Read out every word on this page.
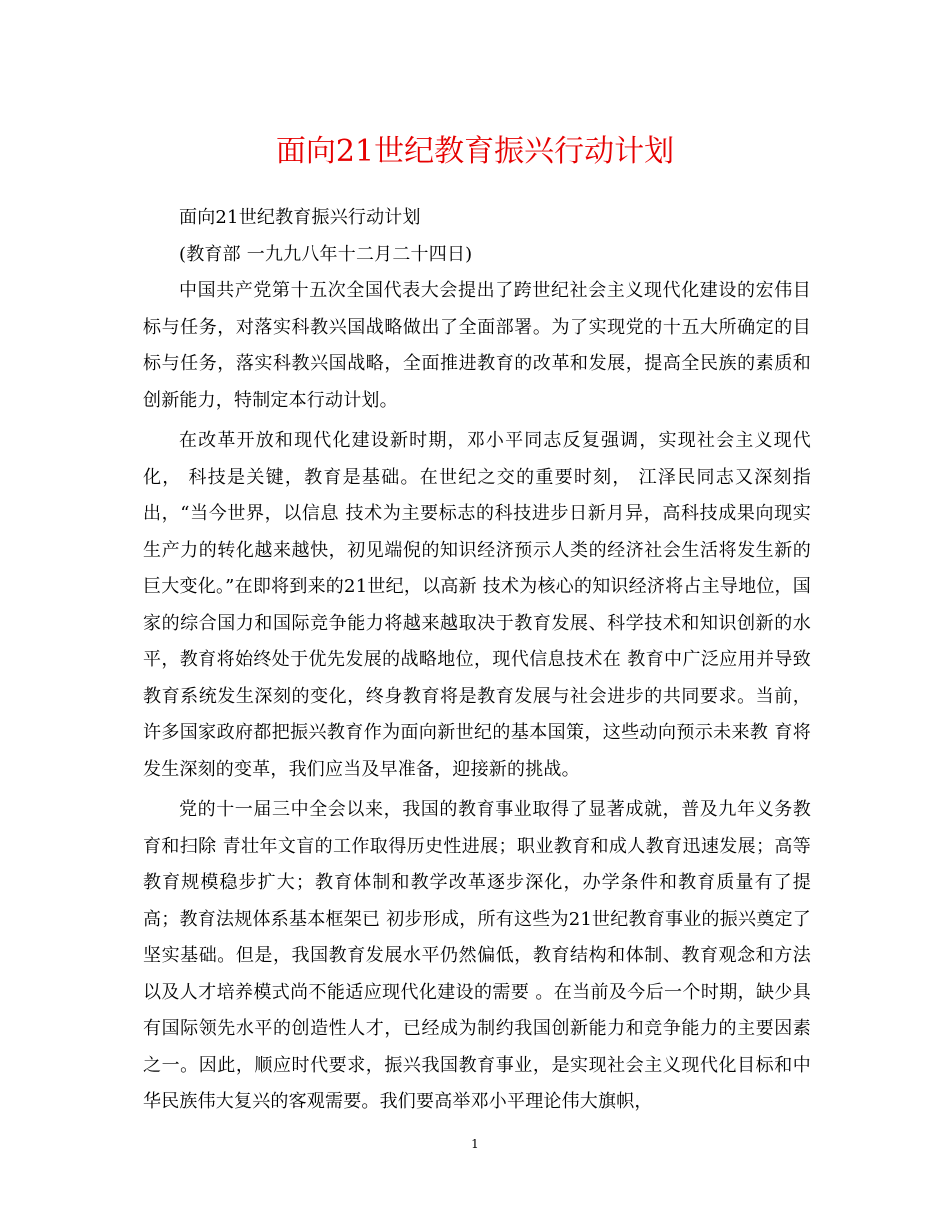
面向21世纪教育振兴行动计划

面向21世纪教育振兴行动计划

(教育部 一九九八年十二月二十四日)

中国共产党第十五次全国代表大会提出了跨世纪社会主义现代化建设的宏伟目标与任务，对落实科教兴国战略做出了全面部署。为了实现党的十五大所确定的目标与任务，落实科教兴国战略，全面推进教育的改革和发展，提高全民族的素质和创新能力，特制定本行动计划。

在改革开放和现代化建设新时期，邓小平同志反复强调，实现社会主义现代化， 科技是关键，教育是基础。在世纪之交的重要时刻， 江泽民同志又深刻指出，“当今世界，以信息 技术为主要标志的科技进步日新月异，高科技成果向现实生产力的转化越来越快，初见端倪的知识经济预示人类的经济社会生活将发生新的巨大变化。”在即将到来的21世纪，以高新 技术为核心的知识经济将占主导地位，国家的综合国力和国际竞争能力将越来越取决于教育发展、科学技术和知识创新的水平，教育将始终处于优先发展的战略地位，现代信息技术在 教育中广泛应用并导致教育系统发生深刻的变化，终身教育将是教育发展与社会进步的共同要求。当前，许多国家政府都把振兴教育作为面向新世纪的基本国策，这些动向预示未来教 育将发生深刻的变革，我们应当及早准备，迎接新的挑战。

党的十一届三中全会以来，我国的教育事业取得了显著成就，普及九年义务教育和扫除 青壮年文盲的工作取得历史性进展；职业教育和成人教育迅速发展；高等教育规模稳步扩大；教育体制和教学改革逐步深化，办学条件和教育质量有了提高；教育法规体系基本框架已 初步形成，所有这些为21世纪教育事业的振兴奠定了坚实基础。但是，我国教育发展水平仍然偏低，教育结构和体制、教育观念和方法以及人才培养模式尚不能适应现代化建设的需要 。在当前及今后一个时期，缺少具有国际领先水平的创造性人才，已经成为制约我国创新能力和竞争能力的主要因素之一。因此，顺应时代要求，振兴我国教育事业，是实现社会主义现代化目标和中华民族伟大复兴的客观需要。我们要高举邓小平理论伟大旗帜，

1
